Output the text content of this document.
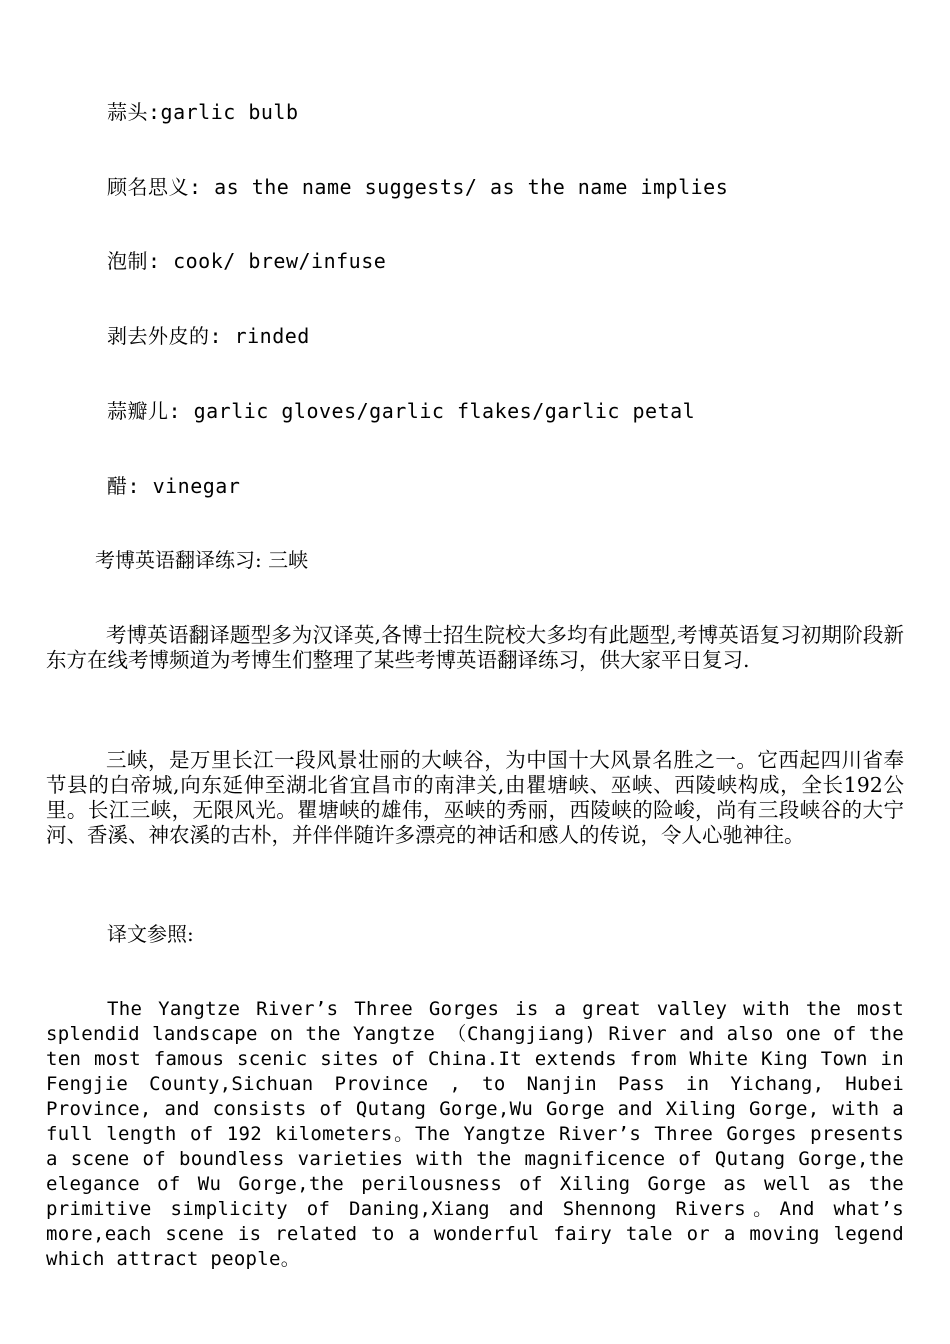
蒜头:garlic bulb
顾名思义: as the name suggests/ as the name implies
泡制: cook/ brew/infuse
剥去外皮的: rinded
蒜瓣儿: garlic gloves/garlic flakes/garlic petal
醋: vinegar
考博英语翻译练习: 三峡

考博英语翻译题型多为汉译英,各博士招生院校大多均有此题型,考博英语复习初期阶段新东方在线考博频道为考博生们整理了某些考博英语翻译练习，供大家平日复习.

三峡，是万里长江一段风景壮丽的大峡谷，为中国十大风景名胜之一。它西起四川省奉节县的白帝城,向东延伸至湖北省宜昌市的南津关,由瞿塘峡、巫峡、西陵峡构成，全长192公里。长江三峡，无限风光。瞿塘峡的雄伟，巫峡的秀丽，西陵峡的险峻，尚有三段峡谷的大宁河、香溪、神农溪的古朴，并伴伴随许多漂亮的神话和感人的传说，令人心驰神往。

译文参照:

The Yangtze River’s Three Gorges is a great valley with the most splendid landscape on the Yangtze （Changjiang) River and also one of the ten most famous scenic sites of China.It extends from White King Town in Fengjie County,Sichuan Province , to Nanjin Pass in Yichang, Hubei Province, and consists of Qutang Gorge,Wu Gorge and Xiling Gorge, with a full length of 192 kilometers。The Yangtze River’s Three Gorges presents a scene of boundless varieties with the magnificence of Qutang Gorge,the elegance of Wu Gorge,the perilousness of Xiling Gorge as well as the primitive simplicity of Daning,Xiang and Shennong Rivers。And what’s more,each scene is related to a wonderful fairy tale or a moving legend which attract people。
